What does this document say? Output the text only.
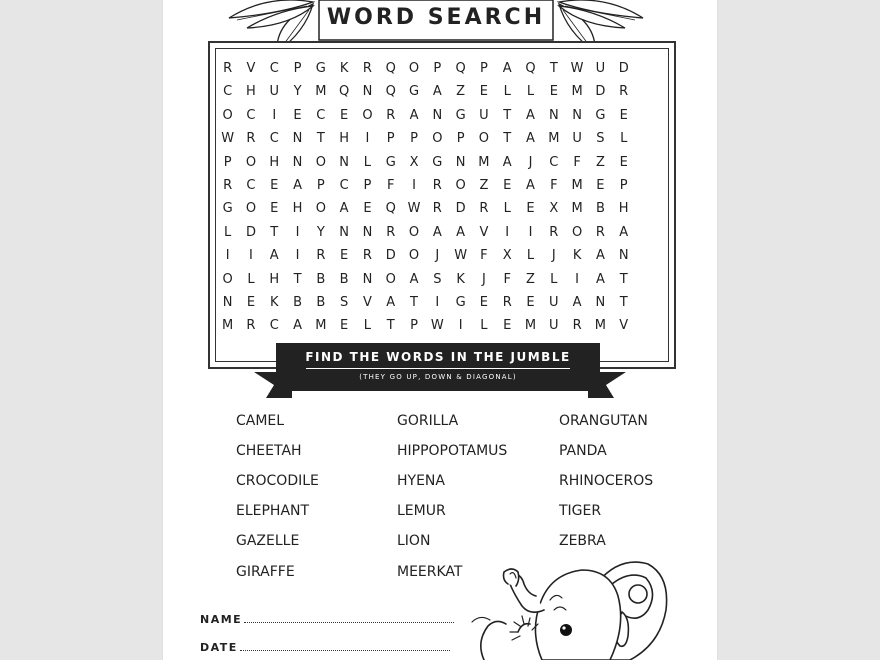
WORD SEARCH
R	V	C	P	G	K	R	Q	O	P	Q	P	A	Q	T W U	D
C	H	U	Y	M Q	N	Q	G	A	Z	E	L	L	E	M D	R
O	C	I	E	C	E	O	R	A	N	G	U	T	A	N	N	G	E
W R	C	N	T	H	I	P	P	O	P	O	T	A	M U	S	L
P	O	H	N	O	N	L	G	X	G	N M	A	J	C	F	Z	E
R	C	E	A	P	C	P	F	I	R	O	Z	E	A	F	M	E	P
G	O	E	H	O	A	E	Q W R	D	R	L	E	X	M	B	H
L	D	T	I	Y	N	N	R	O	A	A	V	I	I	R	O	R	A
I	I	A	I	R	E	R	D	O	J	W	F	X	L	J	K	A	N
O	L	H	T	B	B	N	O	A	S	K	J	F	Z	L	I	A	T
N	E	K	B	B	S	V	A	T	I	G	E	R	E	U	A	N	T
M	R	C	A	M	E	L	T	P W	I	L	E	M U	R	M	V
FIND THE WORDS IN THE JUMBLE
(THEY GO UP, DOWN & DIAGONAL)
CAMEL
CHEETAH
CROCODILE
ELEPHANT
GAZELLE
GIRAFFE
GORILLA
HIPPOPOTAMUS
HYENA
LEMUR
LION
MEERKAT
ORANGUTAN
PANDA
RHINOCEROS
TIGER
ZEBRA
NAME
DATE
